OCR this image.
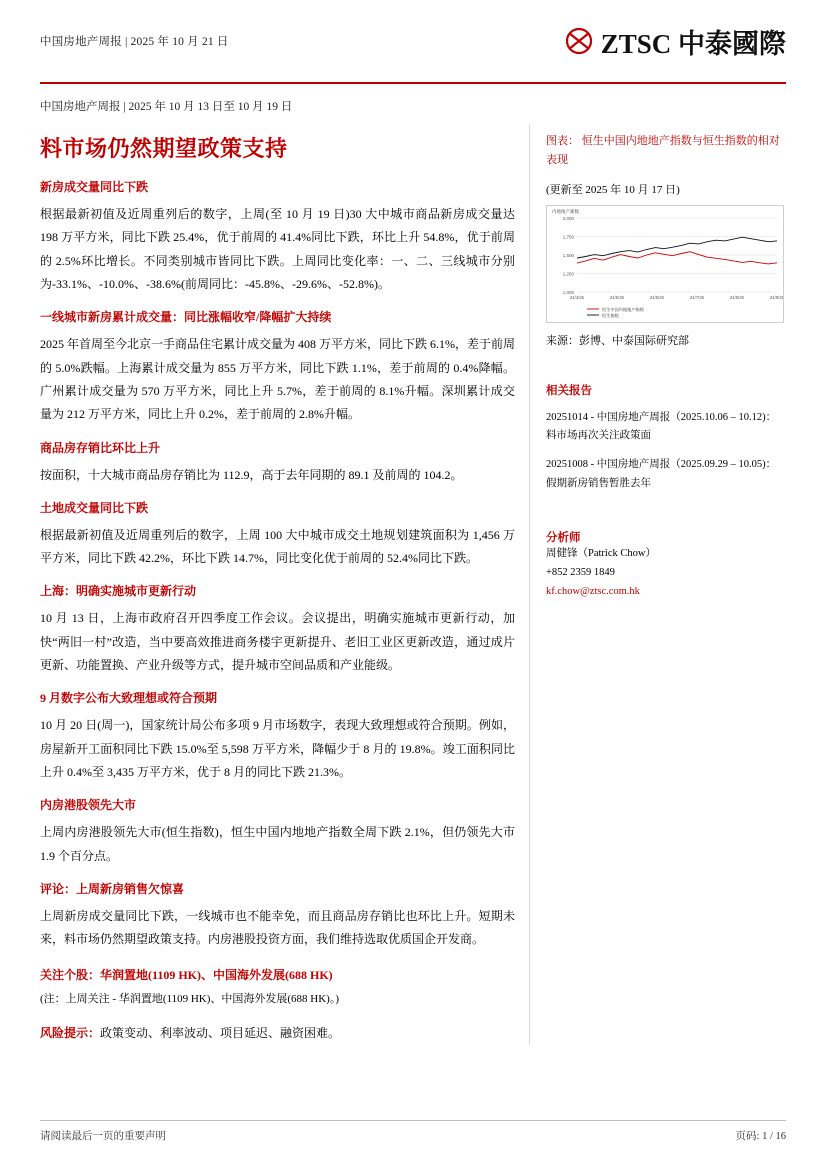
中国房地产周报 | 2025 年 10 月 21 日	ZTSC 中泰國際
中国房地产周报 | 2025 年 10 月 13 日至 10 月 19 日
料市场仍然期望政策支持
新房成交量同比下跌

根据最新初值及近周重列后的数字，上周(至 10 月 19 日)30 大中城市商品新房成交量达 198 万平方米，同比下跌 25.4%，优于前周的 41.4%同比下跌，环比上升 54.8%，优于前周的 2.5%环比增长。不同类别城市皆同比下跌。上周同比变化率：一、二、三线城市分别为-33.1%、-10.0%、-38.6%(前周同比：-45.8%、-29.6%、-52.8%)。

一线城市新房累计成交量：同比涨幅收窄/降幅扩大持续

2025 年首周至今北京一手商品住宅累计成交量为 408 万平方米，同比下跌 6.1%，差于前周的 5.0%跌幅。上海累计成交量为 855 万平方米，同比下跌 1.1%，差于前周的 0.4%降幅。广州累计成交量为 570 万平方米，同比上升 5.7%，差于前周的 8.1%升幅。深圳累计成交量为 212 万平方米，同比上升 0.2%，差于前周的 2.8%升幅。

商品房存销比环比上升

按面积，十大城市商品房存销比为 112.9，高于去年同期的 89.1 及前周的 104.2。

土地成交量同比下跌

根据最新初值及近周重列后的数字，上周 100 大中城市成交土地规划建筑面积为 1,456 万平方米，同比下跌 42.2%，环比下跌 14.7%，同比变化优于前周的 52.4%同比下跌。

上海：明确实施城市更新行动

10 月 13 日，上海市政府召开四季度工作会议。会议提出，明确实施城市更新行动，加快“两旧一村”改造，当中要高效推进商务楼宇更新提升、老旧工业区更新改造，通过成片更新、功能置换、产业升级等方式，提升城市空间品质和产业能级。

9 月数字公布大致理想或符合预期

10 月 20 日(周一)，国家统计局公布多项 9 月市场数字，表现大致理想或符合预期。例如，房屋新开工面积同比下跌 15.0%至 5,598 万平方米，降幅少于 8 月的 19.8%。竣工面积同比上升 0.4%至 3,435 万平方米，优于 8 月的同比下跌 21.3%。

内房港股领先大市

上周内房港股领先大市(恒生指数)，恒生中国内地地产指数全周下跌 2.1%，但仍领先大市 1.9 个百分点。

评论：上周新房销售欠惊喜

上周新房成交量同比下跌，一线城市也不能幸免，而且商品房存销比也环比上升。短期未来，料市场仍然期望政策支持。内房港股投资方面，我们维持选取优质国企开发商。

关注个股：华润置地(1109 HK)、中国海外发展(688 HK)
(注：上周关注 - 华润置地(1109 HK)、中国海外发展(688 HK)。)
风险提示：政策变动、利率波动、项目延迟、融资困难。
图表： 恒生中国内地地产指数与恒生指数的相对表现
(更新至 2025 年 10 月 17 日)
内地地产累数
1,000
1,250
1,500
1,750
2,000
21/4/25	21/5/25	21/6/25	21/7/25	21/8/25	21/9/25
恒生中国内地地产指数
恒生指数
来源：彭博、中泰国际研究部
相关报告
20251014 - 中国房地产周报（2025.10.06 – 10.12)：料市场再次关注政策面
20251008 - 中国房地产周报（2025.09.29 – 10.05)：假期新房销售暂胜去年
分析师
周健锋（Patrick Chow）
+852 2359 1849
kf.chow@ztsc.com.hk
请阅读最后一页的重要声明	页码: 1 / 16
